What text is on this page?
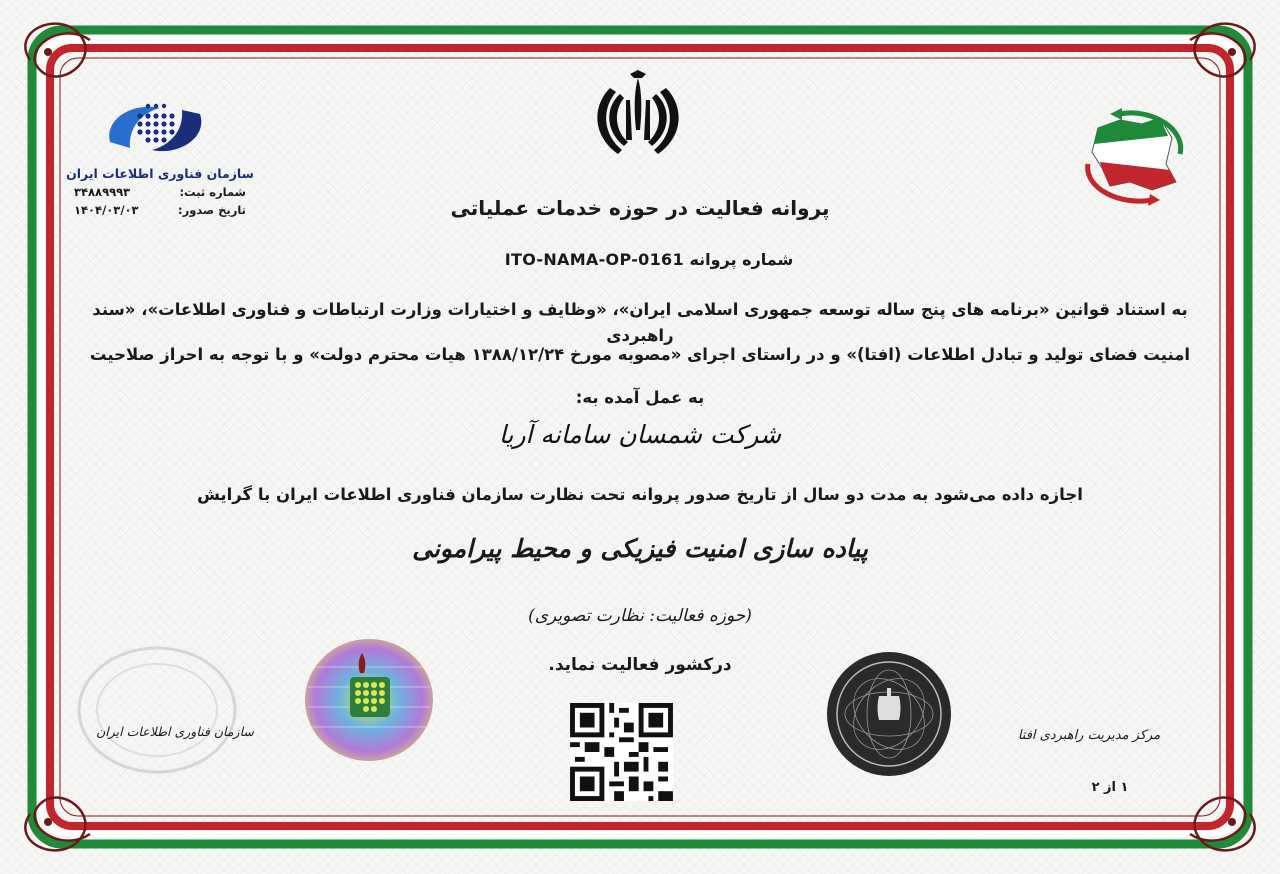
سازمان فناوری اطلاعات ایران
شماره ثبت:
۳۴۸۸۹۹۹۳
تاریخ صدور:
۱۴۰۴/۰۳/۰۳	پروانه فعالیت در حوزه خدمات عملیاتی
شماره پروانه ITO-NAMA-OP-0161
به استناد قوانین «برنامه های پنج ساله توسعه جمهوری اسلامی ایران»، «وظایف و اختیارات وزارت ارتباطات و فناوری اطلاعات»، «سند راهبردی
امنیت فضای تولید و تبادل اطلاعات (افتا)» و در راستای اجرای «مصوبه مورخ ۱۳۸۸/۱۲/۲۴ هیات محترم دولت» و با توجه به احراز صلاحیت
به عمل آمده به:
شرکت شمسان سامانه آریا
اجازه داده می‌شود به مدت دو سال از تاریخ صدور پروانه تحت نظارت سازمان فناوری اطلاعات ایران با گرایش
پیاده سازی امنیت فیزیکی و محیط پیرامونی
(حوزه فعالیت: نظارت تصویری)
درکشور فعالیت نماید.
سازمان فناوری اطلاعات ایران	مرکز مدیریت راهبردی افتا
۱ از ۲
